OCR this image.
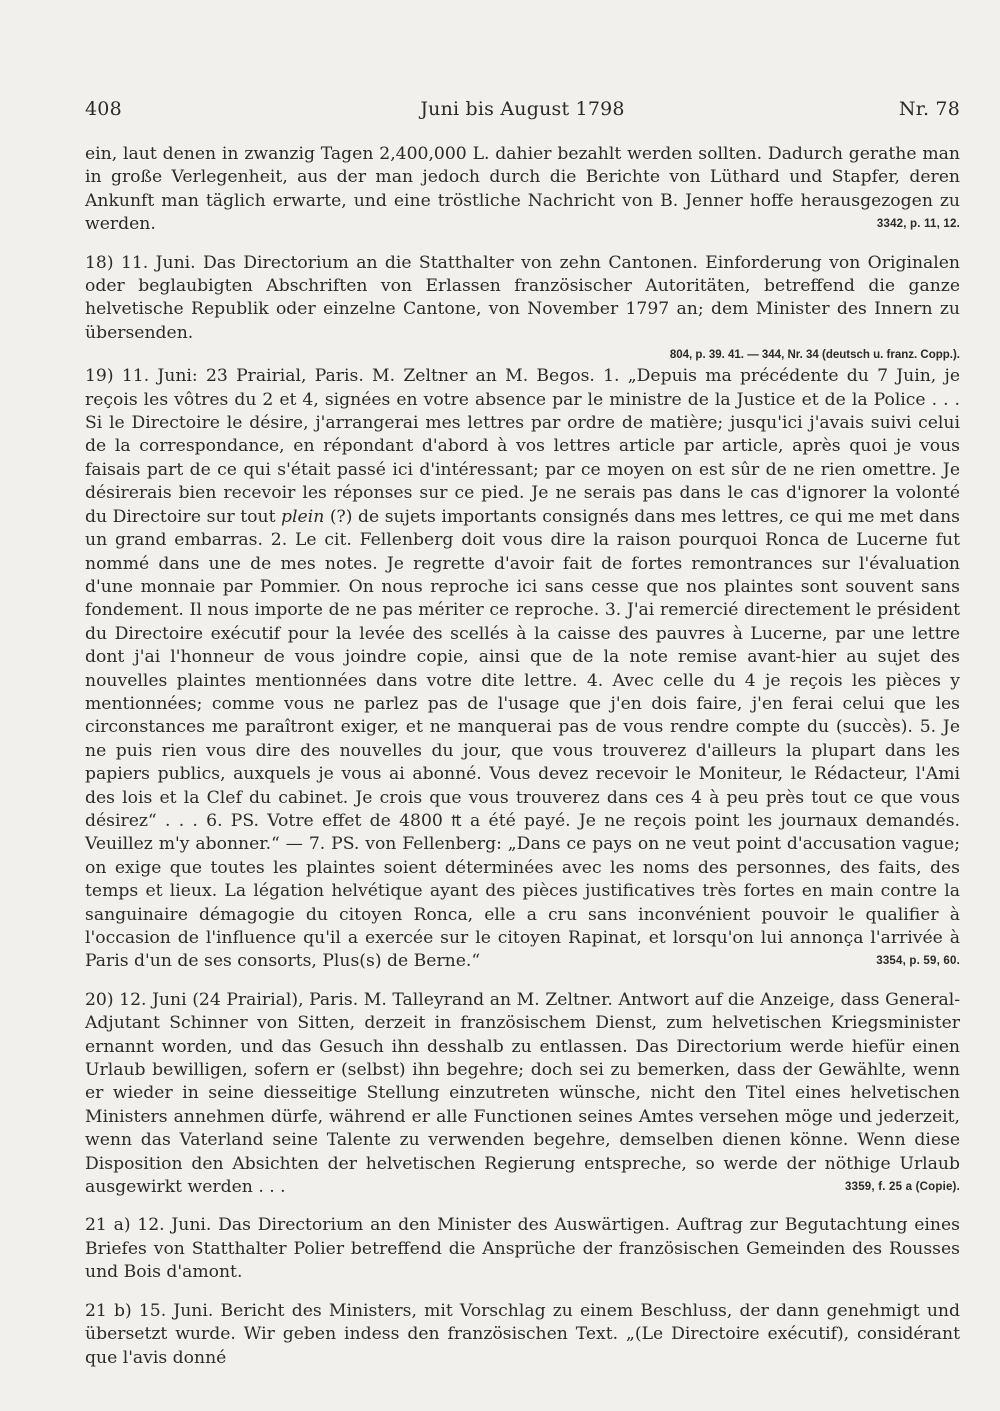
408	Juni bis August 1798	Nr. 78

ein, laut denen in zwanzig Tagen 2,400,000 L. dahier bezahlt werden sollten. Dadurch gerathe man in große Verlegenheit, aus der man jedoch durch die Berichte von Lüthard und Stapfer, deren Ankunft man täglich erwarte, und eine tröstliche Nachricht von B. Jenner hoffe herausgezogen zu werden.	3342, p. 11, 12.

18) 11. Juni. Das Directorium an die Statthalter von zehn Cantonen. Einforderung von Originalen oder beglaubigten Abschriften von Erlassen französischer Autoritäten, betreffend die ganze helvetische Republik oder einzelne Cantone, von November 1797 an; dem Minister des Innern zu übersenden.

804, p. 39. 41. — 344, Nr. 34 (deutsch u. franz. Copp.).

19) 11. Juni: 23 Prairial, Paris. M. Zeltner an M. Begos. 1. „Depuis ma précédente du 7 Juin, je reçois les vôtres du 2 et 4, signées en votre absence par le ministre de la Justice et de la Police . . . Si le Directoire le désire, j'arrangerai mes lettres par ordre de matière; jusqu'ici j'avais suivi celui de la correspondance, en répondant d'abord à vos lettres article par article, après quoi je vous faisais part de ce qui s'était passé ici d'intéressant; par ce moyen on est sûr de ne rien omettre. Je désirerais bien recevoir les réponses sur ce pied. Je ne serais pas dans le cas d'ignorer la volonté du Directoire sur tout plein (?) de sujets importants consignés dans mes lettres, ce qui me met dans un grand embarras. 2. Le cit. Fellenberg doit vous dire la raison pourquoi Ronca de Lucerne fut nommé dans une de mes notes. Je regrette d'avoir fait de fortes remontrances sur l'évaluation d'une monnaie par Pommier. On nous reproche ici sans cesse que nos plaintes sont souvent sans fondement. Il nous importe de ne pas mériter ce reproche. 3. J'ai remercié directement le président du Directoire exécutif pour la levée des scellés à la caisse des pauvres à Lucerne, par une lettre dont j'ai l'honneur de vous joindre copie, ainsi que de la note remise avant-hier au sujet des nouvelles plaintes mentionnées dans votre dite lettre. 4. Avec celle du 4 je reçois les pièces y mentionnées; comme vous ne parlez pas de l'usage que j'en dois faire, j'en ferai celui que les circonstances me paraîtront exiger, et ne manquerai pas de vous rendre compte du (succès). 5. Je ne puis rien vous dire des nouvelles du jour, que vous trouverez d'ailleurs la plupart dans les papiers publics, auxquels je vous ai abonné. Vous devez recevoir le Moniteur, le Rédacteur, l'Ami des lois et la Clef du cabinet. Je crois que vous trouverez dans ces 4 à peu près tout ce que vous désirez“ . . . 6. PS. Votre effet de 4800 ₶ a été payé. Je ne reçois point les journaux demandés. Veuillez m'y abonner.“ — 7. PS. von Fellenberg: „Dans ce pays on ne veut point d'accusation vague; on exige que toutes les plaintes soient déterminées avec les noms des personnes, des faits, des temps et lieux. La légation helvétique ayant des pièces justificatives très fortes en main contre la sanguinaire démagogie du citoyen Ronca, elle a cru sans inconvénient pouvoir le qualifier à l'occasion de l'influence qu'il a exercée sur le citoyen Rapinat, et lorsqu'on lui annonça l'arrivée à Paris d'un de ses consorts, Plus(s) de Berne.“	3354, p. 59, 60.

20) 12. Juni (24 Prairial), Paris. M. Talleyrand an M. Zeltner. Antwort auf die Anzeige, dass General-Adjutant Schinner von Sitten, derzeit in französischem Dienst, zum helvetischen Kriegsminister ernannt worden, und das Gesuch ihn desshalb zu entlassen. Das Directorium werde hiefür einen Urlaub bewilligen, sofern er (selbst) ihn begehre; doch sei zu bemerken, dass der Gewählte, wenn er wieder in seine diesseitige Stellung einzutreten wünsche, nicht den Titel eines helvetischen Ministers annehmen dürfe, während er alle Functionen seines Amtes versehen möge und jederzeit, wenn das Vaterland seine Talente zu verwenden begehre, demselben dienen könne. Wenn diese Disposition den Absichten der helvetischen Regierung entspreche, so werde der nöthige Urlaub ausgewirkt werden . . .	3359, f. 25 a (Copie).

21 a) 12. Juni. Das Directorium an den Minister des Auswärtigen. Auftrag zur Begutachtung eines Briefes von Statthalter Polier betreffend die Ansprüche der französischen Gemeinden des Rousses und Bois d'amont.

21 b) 15. Juni. Bericht des Ministers, mit Vorschlag zu einem Beschluss, der dann genehmigt und übersetzt wurde. Wir geben indess den französischen Text. „(Le Directoire exécutif), considérant que l'avis donné
